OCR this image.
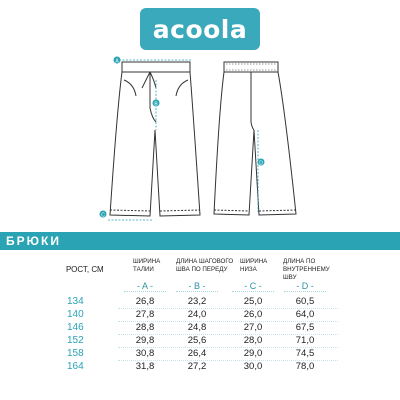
acoola
A
B
C
D
БРЮКИ
РОСТ, СМ
ШИРИНА ТАЛИИ
ДЛИНА ШАГОВОГО ШВА ПО ПЕРЕДУ
ШИРИНА НИЗА
ДЛИНА ПО ВНУТРЕННЕМУ ШВУ
- A -	- B -	- C -	- D -
134	26,8	23,2	25,0	60,5
140	27,8	24,0	26,0	64,0
146	28,8	24,8	27,0	67,5
152	29,8	25,6	28,0	71,0
158	30,8	26,4	29,0	74,5
164	31,8	27,2	30,0	78,0
